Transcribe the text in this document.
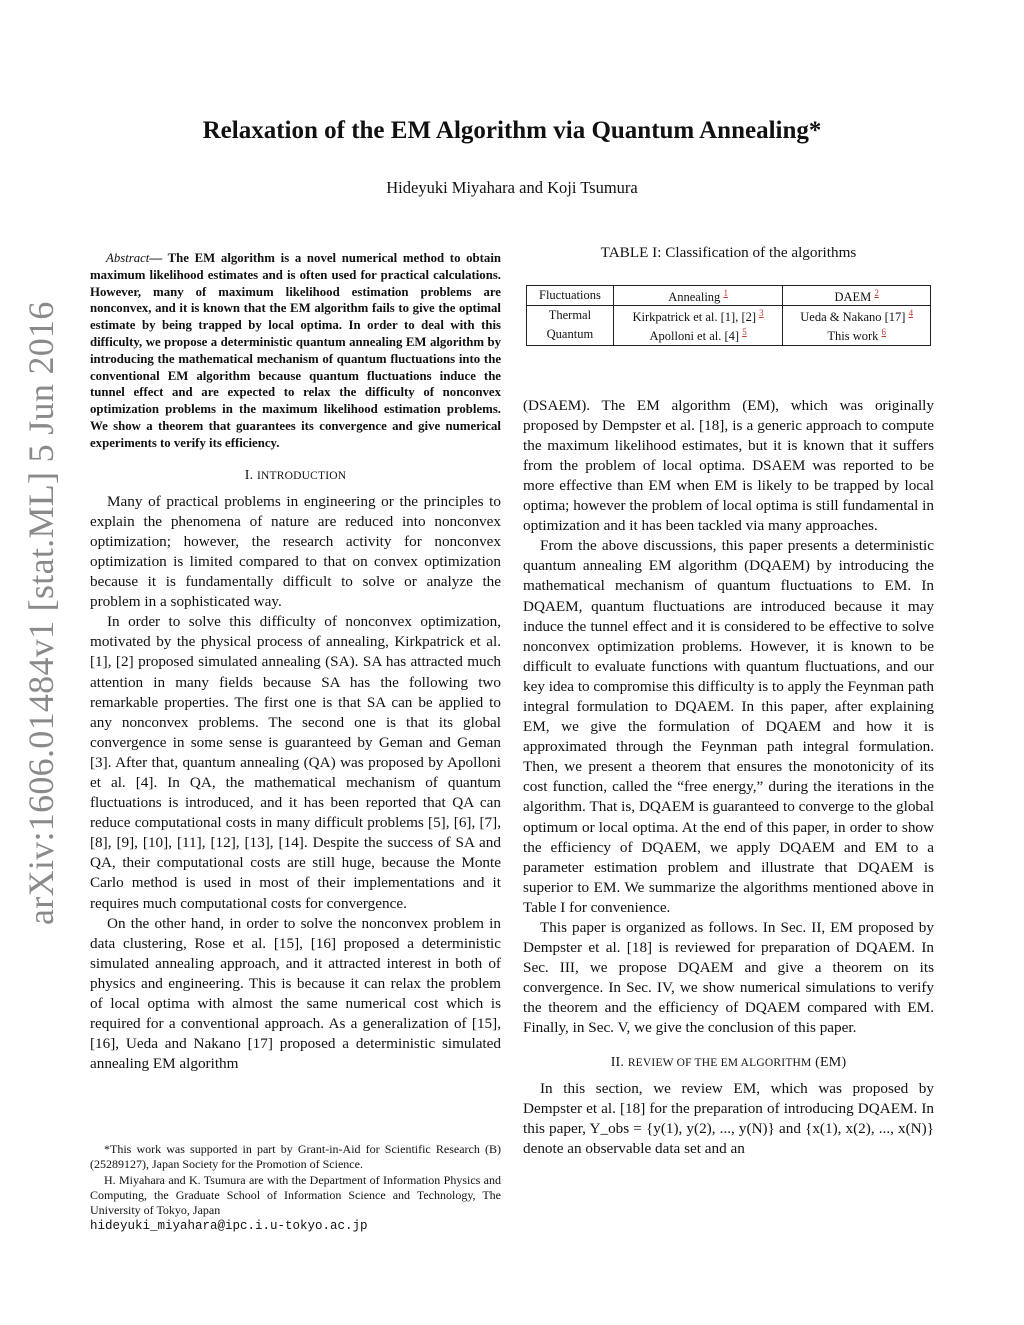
arXiv:1606.01484v1 [stat.ML] 5 Jun 2016
Relaxation of the EM Algorithm via Quantum Annealing*
Hideyuki Miyahara and Koji Tsumura

Abstract— The EM algorithm is a novel numerical method to obtain maximum likelihood estimates and is often used for practical calculations. However, many of maximum likelihood estimation problems are nonconvex, and it is known that the EM algorithm fails to give the optimal estimate by being trapped by local optima. In order to deal with this difficulty, we propose a deterministic quantum annealing EM algorithm by introducing the mathematical mechanism of quantum fluctuations into the conventional EM algorithm because quantum fluctuations induce the tunnel effect and are expected to relax the difficulty of nonconvex optimization problems in the maximum likelihood estimation problems. We show a theorem that guarantees its convergence and give numerical experiments to verify its efficiency.

I. INTRODUCTION

Many of practical problems in engineering or the principles to explain the phenomena of nature are reduced into nonconvex optimization; however, the research activity for nonconvex optimization is limited compared to that on convex optimization because it is fundamentally difficult to solve or analyze the problem in a sophisticated way.

In order to solve this difficulty of nonconvex optimization, motivated by the physical process of annealing, Kirkpatrick et al. [1], [2] proposed simulated annealing (SA). SA has attracted much attention in many fields because SA has the following two remarkable properties. The first one is that SA can be applied to any nonconvex problems. The second one is that its global convergence in some sense is guaranteed by Geman and Geman [3]. After that, quantum annealing (QA) was proposed by Apolloni et al. [4]. In QA, the mathematical mechanism of quantum fluctuations is introduced, and it has been reported that QA can reduce computational costs in many difficult problems [5], [6], [7], [8], [9], [10], [11], [12], [13], [14]. Despite the success of SA and QA, their computational costs are still huge, because the Monte Carlo method is used in most of their implementations and it requires much computational costs for convergence.

On the other hand, in order to solve the nonconvex problem in data clustering, Rose et al. [15], [16] proposed a deterministic simulated annealing approach, and it attracted interest in both of physics and engineering. This is because it can relax the problem of local optima with almost the same numerical cost which is required for a conventional approach. As a generalization of [15], [16], Ueda and Nakano [17] proposed a deterministic simulated annealing EM algorithm

*This work was supported in part by Grant-in-Aid for Scientific Research (B) (25289127), Japan Society for the Promotion of Science.

H. Miyahara and K. Tsumura are with the Department of Information Physics and Computing, the Graduate School of Information Science and Technology, The University of Tokyo, Japan
hideyuki_miyahara@ipc.i.u-tokyo.ac.jp

TABLE I: Classification of the algorithms
Fluctuations	Annealing $^1$	DAEM $^2$
Thermal	Kirkpatrick et al. [1], [2] $^3$	Ueda & Nakano [17] $^4$
Quantum	Apolloni et al. [4] $^5$	This work $^6$

(DSAEM). The EM algorithm (EM), which was originally proposed by Dempster et al. [18], is a generic approach to compute the maximum likelihood estimates, but it is known that it suffers from the problem of local optima. DSAEM was reported to be more effective than EM when EM is likely to be trapped by local optima; however the problem of local optima is still fundamental in optimization and it has been tackled via many approaches.

From the above discussions, this paper presents a deterministic quantum annealing EM algorithm (DQAEM) by introducing the mathematical mechanism of quantum fluctuations to EM. In DQAEM, quantum fluctuations are introduced because it may induce the tunnel effect and it is considered to be effective to solve nonconvex optimization problems. However, it is known to be difficult to evaluate functions with quantum fluctuations, and our key idea to compromise this difficulty is to apply the Feynman path integral formulation to DQAEM. In this paper, after explaining EM, we give the formulation of DQAEM and how it is approximated through the Feynman path integral formulation. Then, we present a theorem that ensures the monotonicity of its cost function, called the “free energy,” during the iterations in the algorithm. That is, DQAEM is guaranteed to converge to the global optimum or local optima. At the end of this paper, in order to show the efficiency of DQAEM, we apply DQAEM and EM to a parameter estimation problem and illustrate that DQAEM is superior to EM. We summarize the algorithms mentioned above in Table I for convenience.

This paper is organized as follows. In Sec. II, EM proposed by Dempster et al. [18] is reviewed for preparation of DQAEM. In Sec. III, we propose DQAEM and give a theorem on its convergence. In Sec. IV, we show numerical simulations to verify the theorem and the efficiency of DQAEM compared with EM. Finally, in Sec. V, we give the conclusion of this paper.

II. REVIEW OF THE EM ALGORITHM (EM)

In this section, we review EM, which was proposed by Dempster et al. [18] for the preparation of introducing DQAEM. In this paper, Y_obs = {y(1), y(2), ..., y(N)} and {x(1), x(2), ..., x(N)} denote an observable data set and an
